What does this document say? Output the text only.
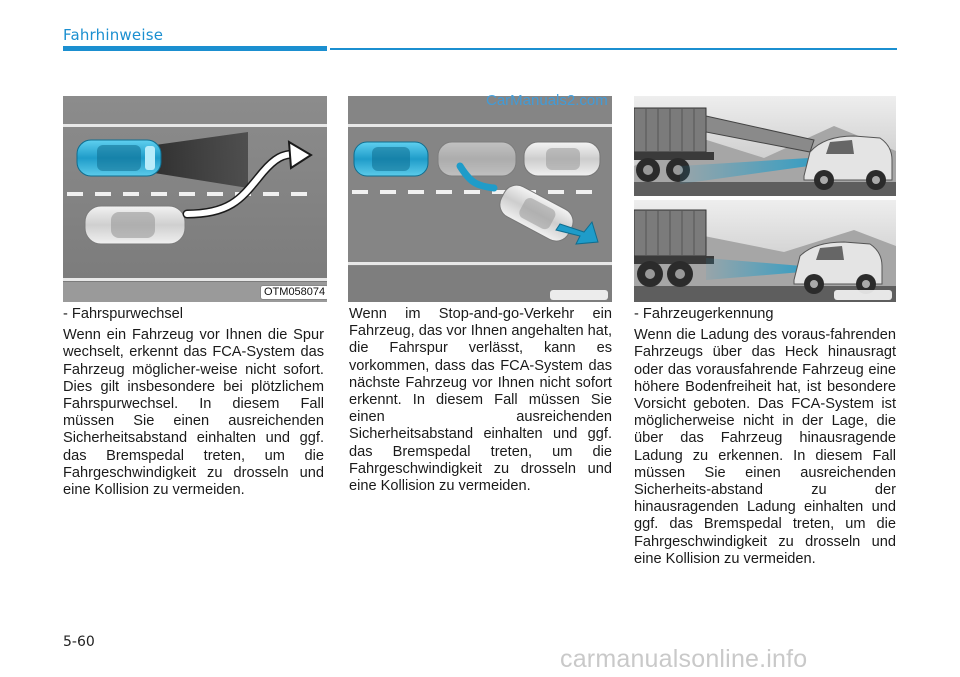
Fahrhinweise
OTM058074
CarManuals2.com

- Fahrspurwechsel

Wenn ein Fahrzeug vor Ihnen die Spur wechselt, erkennt das FCA-System das Fahrzeug möglicher-weise nicht sofort. Dies gilt insbesondere bei plötzlichem Fahrspurwechsel. In diesem Fall müssen Sie einen ausreichenden Sicherheitsabstand einhalten und ggf. das Bremspedal treten, um die Fahrgeschwindigkeit zu drosseln und eine Kollision zu vermeiden.

Wenn im Stop-and-go-Verkehr ein Fahrzeug, das vor Ihnen angehalten hat, die Fahrspur verlässt, kann es vorkommen, dass das FCA-System das nächste Fahrzeug vor Ihnen nicht sofort erkennt. In diesem Fall müssen Sie einen ausreichenden Sicherheitsabstand einhalten und ggf. das Bremspedal treten, um die Fahrgeschwindigkeit zu drosseln und eine Kollision zu vermeiden.

- Fahrzeugerkennung

Wenn die Ladung des voraus-fahrenden Fahrzeugs über das Heck hinausragt oder das vorausfahrende Fahrzeug eine höhere Bodenfreiheit hat, ist besondere Vorsicht geboten. Das FCA-System ist möglicherweise nicht in der Lage, die über das Fahrzeug hinausragende Ladung zu erkennen. In diesem Fall müssen Sie einen ausreichenden Sicherheits-abstand zu der hinausragenden Ladung einhalten und ggf. das Bremspedal treten, um die Fahrgeschwindigkeit zu drosseln und eine Kollision zu vermeiden.

5-60
carmanualsonline.info
